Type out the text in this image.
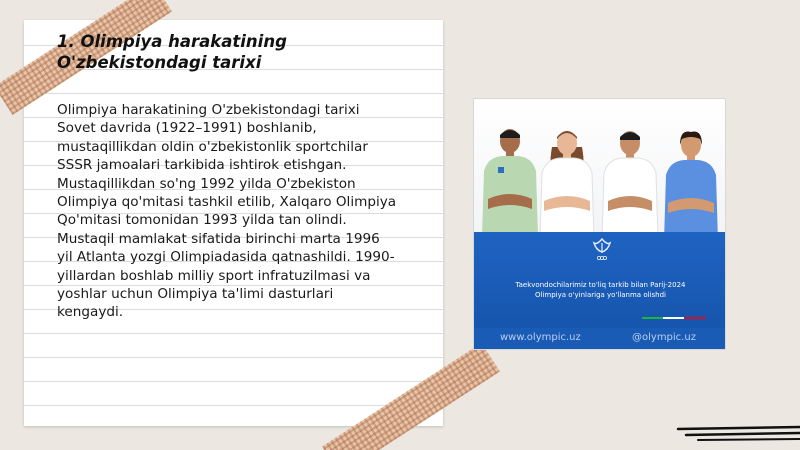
1. Olimpiya harakatining O'zbekistondagi tarixi
Olimpiya harakatining O'zbekistondagi tarixi Sovet davrida (1922–1991) boshlanib, mustaqillikdan oldin o'zbekistonlik sportchilar SSSR jamoalari tarkibida ishtirok etishgan. Mustaqillikdan so'ng 1992 yilda O'zbekiston Olimpiya qo'mitasi tashkil etilib, Xalqaro Olimpiya Qo'mitasi tomonidan 1993 yilda tan olindi. Mustaqil mamlakat sifatida birinchi marta 1996 yil Atlanta yozgi Olimpiadasida qatnashildi. 1990-yillardan boshlab milliy sport infratuzilmasi va yoshlar uchun Olimpiya ta'limi dasturlari kengaydi.
Taekvondochilarimiz to'liq tarkib bilan Parij-2024
Olimpiya o'yinlariga yo'llanma olishdi
www.olympic.uz	@olympic.uz
